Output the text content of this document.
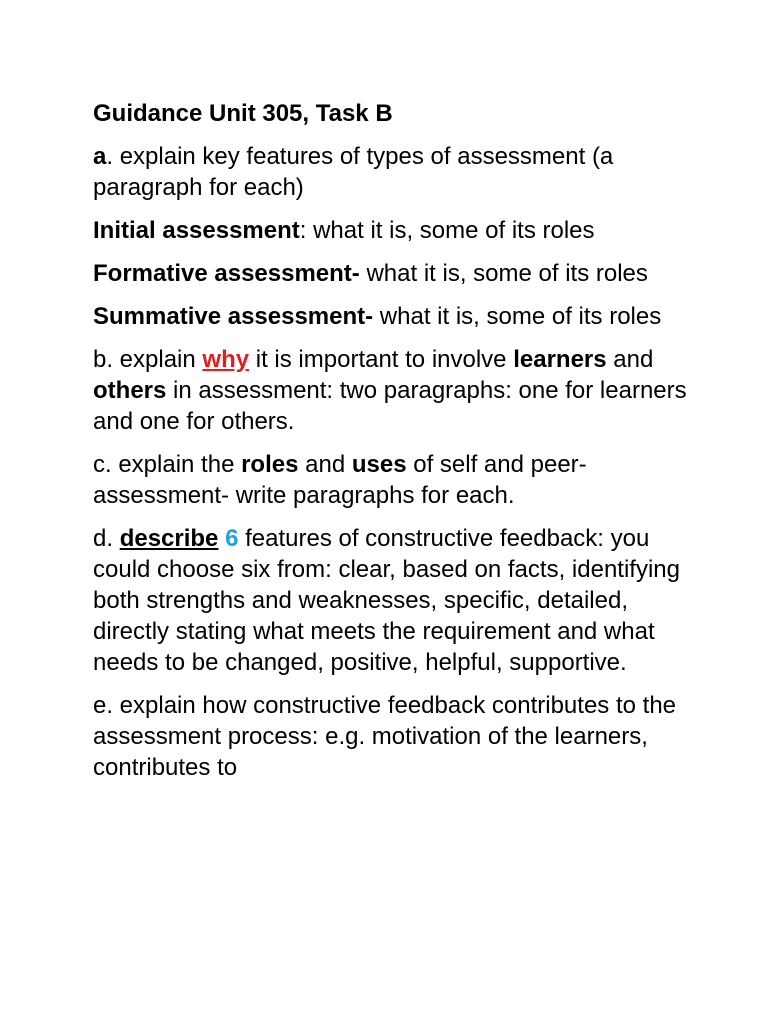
Guidance Unit 305, Task B

a. explain key features of types of assessment (a paragraph for each)

Initial assessment: what it is, some of its roles

Formative assessment- what it is, some of its roles

Summative assessment- what it is, some of its roles

b. explain why it is important to involve learners and others in assessment: two paragraphs: one for learners and one for others.

c. explain the roles and uses of self and peer-assessment- write paragraphs for each.

d. describe 6 features of constructive feedback: you could choose six from: clear, based on facts, identifying both strengths and weaknesses, specific, detailed, directly stating what meets the requirement and what needs to be changed, positive, helpful, supportive.

e. explain how constructive feedback contributes to the assessment process: e.g. motivation of the learners, contributes to
